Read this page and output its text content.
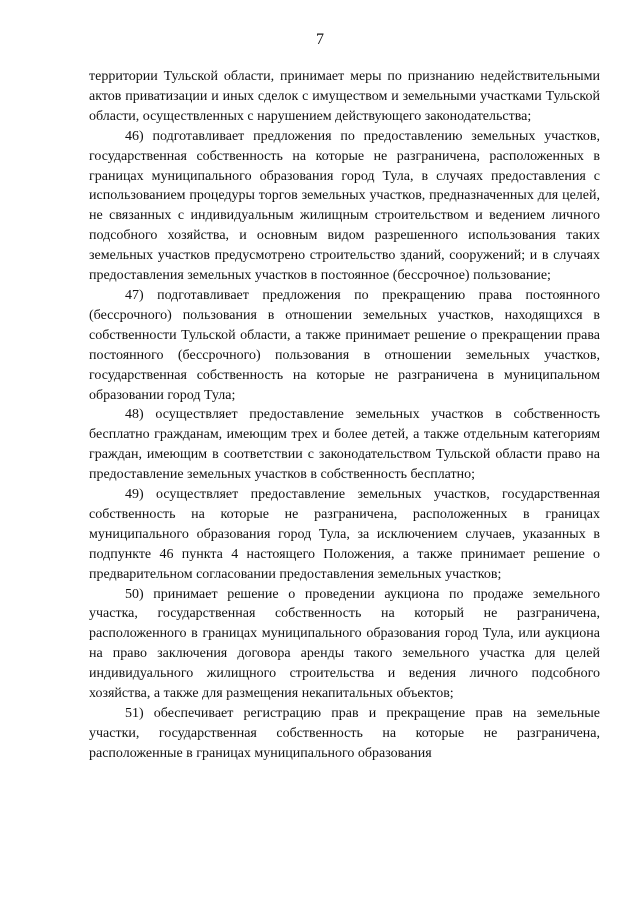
7

территории Тульской области, принимает меры по признанию недействительными актов приватизации и иных сделок с имуществом и земельными участками Тульской области, осуществленных с нарушением действующего законодательства;

46) подготавливает предложения по предоставлению земельных участков, государственная собственность на которые не разграничена, расположенных в границах муниципального образования город Тула, в случаях предоставления с использованием процедуры торгов земельных участков, предназначенных для целей, не связанных с индивидуальным жилищным строительством и ведением личного подсобного хозяйства, и основным видом разрешенного использования таких земельных участков предусмотрено строительство зданий, сооружений; и в случаях предоставления земельных участков в постоянное (бессрочное) пользование;

47) подготавливает предложения по прекращению права постоянного (бессрочного) пользования в отношении земельных участков, находящихся в собственности Тульской области, а также принимает решение о прекращении права постоянного (бессрочного) пользования в отношении земельных участков, государственная собственность на которые не разграничена в муниципальном образовании город Тула;

48) осуществляет предоставление земельных участков в собственность бесплатно гражданам, имеющим трех и более детей, а также отдельным категориям граждан, имеющим в соответствии с законодательством Тульской области право на предоставление земельных участков в собственность бесплатно;

49) осуществляет предоставление земельных участков, государственная собственность на которые не разграничена, расположенных в границах муниципального образования город Тула, за исключением случаев, указанных в подпункте 46 пункта 4 настоящего Положения, а также принимает решение о предварительном согласовании предоставления земельных участков;

50) принимает решение о проведении аукциона по продаже земельного участка, государственная собственность на который не разграничена, расположенного в границах муниципального образования город Тула, или аукциона на право заключения договора аренды такого земельного участка для целей индивидуального жилищного строительства и ведения личного подсобного хозяйства, а также для размещения некапитальных объектов;

51) обеспечивает регистрацию прав и прекращение прав на земельные участки, государственная собственность на которые не разграничена, расположенные в границах муниципального образования
